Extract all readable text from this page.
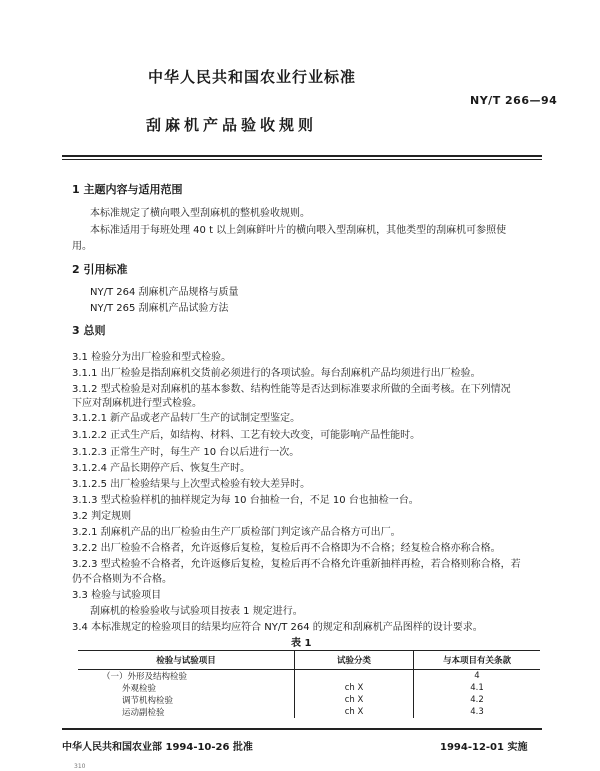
中华人民共和国农业行业标准
NY/T 266—94
刮麻机产品验收规则
1 主题内容与适用范围
本标准规定了横向喂入型刮麻机的整机验收规则。
本标准适用于每班处理 40 t 以上剑麻鲜叶片的横向喂入型刮麻机，其他类型的刮麻机可参照使
用。
2 引用标准
NY/T 264 刮麻机产品规格与质量
NY/T 265 刮麻机产品试验方法
3 总则
3.1 检验分为出厂检验和型式检验。
3.1.1 出厂检验是指刮麻机交货前必须进行的各项试验。每台刮麻机产品均须进行出厂检验。
3.1.2 型式检验是对刮麻机的基本参数、结构性能等是否达到标准要求所做的全面考核。在下列情况
下应对刮麻机进行型式检验。
3.1.2.1 新产品或老产品转厂生产的试制定型鉴定。
3.1.2.2 正式生产后，如结构、材料、工艺有较大改变，可能影响产品性能时。
3.1.2.3 正常生产时，每生产 10 台以后进行一次。
3.1.2.4 产品长期停产后、恢复生产时。
3.1.2.5 出厂检验结果与上次型式检验有较大差异时。
3.1.3 型式检验样机的抽样规定为每 10 台抽检一台，不足 10 台也抽检一台。
3.2 判定规则
3.2.1 刮麻机产品的出厂检验由生产厂质检部门判定该产品合格方可出厂。
3.2.2 出厂检验不合格者，允许返修后复检，复检后再不合格即为不合格；经复检合格亦称合格。
3.2.3 型式检验不合格者，允许返修后复检，复检后再不合格允许重新抽样再检，若合格则称合格，若
仍不合格则为不合格。
3.3 检验与试验项目
刮麻机的检验验收与试验项目按表 1 规定进行。
3.4 本标准规定的检验项目的结果均应符合 NY/T 264 的规定和刮麻机产品图样的设计要求。
表 1
检验与试验项目	试验分类	与本项目有关条款
（一）外形及结构检验		4
外观检验	ch X	4.1
调节机构检验	ch X	4.2
运动副检验	ch X	4.3
中华人民共和国农业部 1994-10-26 批准	1994-12-01 实施
310
